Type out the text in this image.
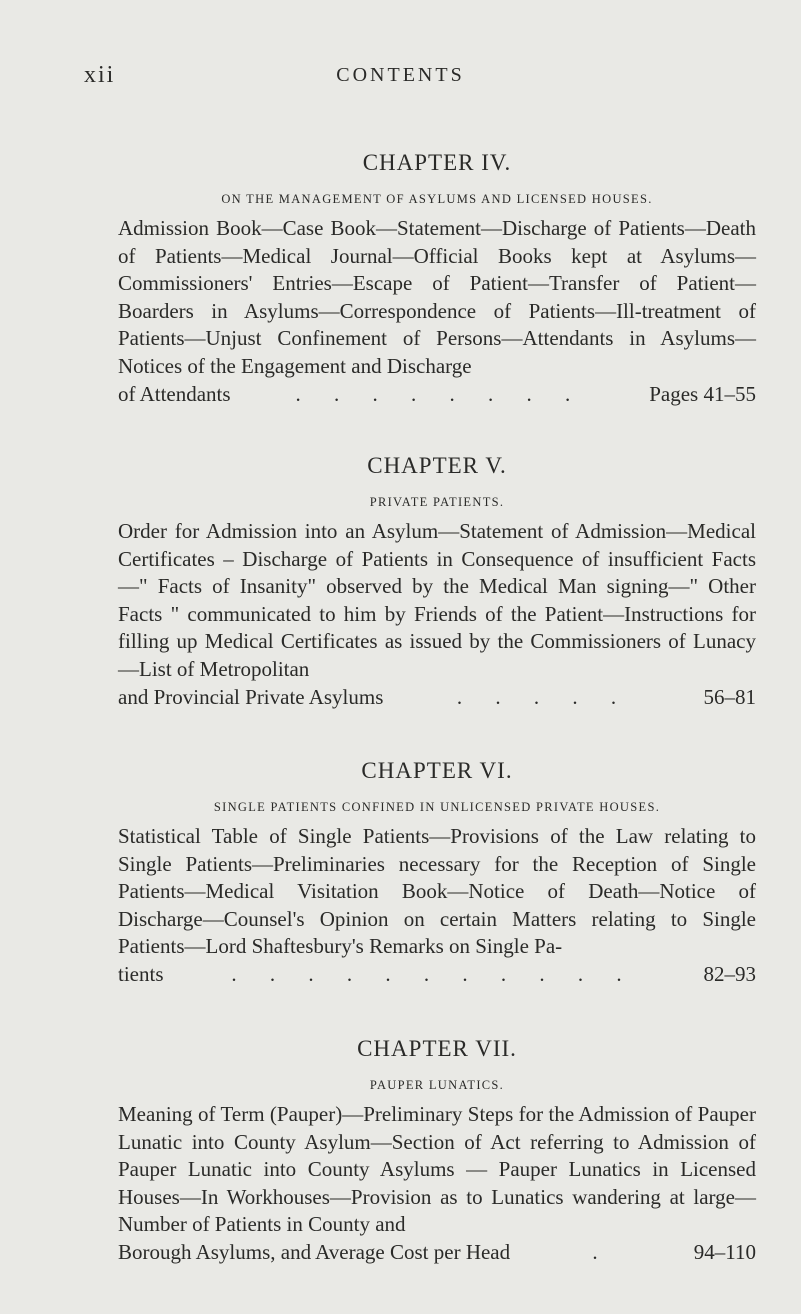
xii	CONTENTS
CHAPTER IV.
ON THE MANAGEMENT OF ASYLUMS AND LICENSED HOUSES.

Admission Book—Case Book—Statement—Discharge of Patients—Death of Patients—Medical Journal—Official Books kept at Asylums—Commissioners' Entries—Escape of Patient—Transfer of Patient—Boarders in Asylums—Correspondence of Patients—Ill-treatment of Patients—Unjust Confinement of Persons—Attendants in Asylums—Notices of the Engagement and Discharge
of Attendants	. . . . . . . .	Pages 41–55

CHAPTER V.
PRIVATE PATIENTS.

Order for Admission into an Asylum—Statement of Admission—Medical Certificates – Discharge of Patients in Consequence of insufficient Facts—" Facts of Insanity" observed by the Medical Man signing—" Other Facts " communicated to him by Friends of the Patient—Instructions for filling up Medical Certificates as issued by the Commissioners of Lunacy—List of Metropolitan
and Provincial Private Asylums	. . . . .	56–81

CHAPTER VI.
SINGLE PATIENTS CONFINED IN UNLICENSED PRIVATE HOUSES.

Statistical Table of Single Patients—Provisions of the Law relating to Single Patients—Preliminaries necessary for the Reception of Single Patients—Medical Visitation Book—Notice of Death—Notice of Discharge—Counsel's Opinion on certain Matters relating to Single Patients—Lord Shaftesbury's Remarks on Single Pa-
tients	. . . . . . . . . . .	82–93

CHAPTER VII.
PAUPER LUNATICS.

Meaning of Term (Pauper)—Preliminary Steps for the Admission of Pauper Lunatic into County Asylum—Section of Act referring to Admission of Pauper Lunatic into County Asylums — Pauper Lunatics in Licensed Houses—In Workhouses—Provision as to Lunatics wandering at large—Number of Patients in County and
Borough Asylums, and Average Cost per Head	.	94–110
